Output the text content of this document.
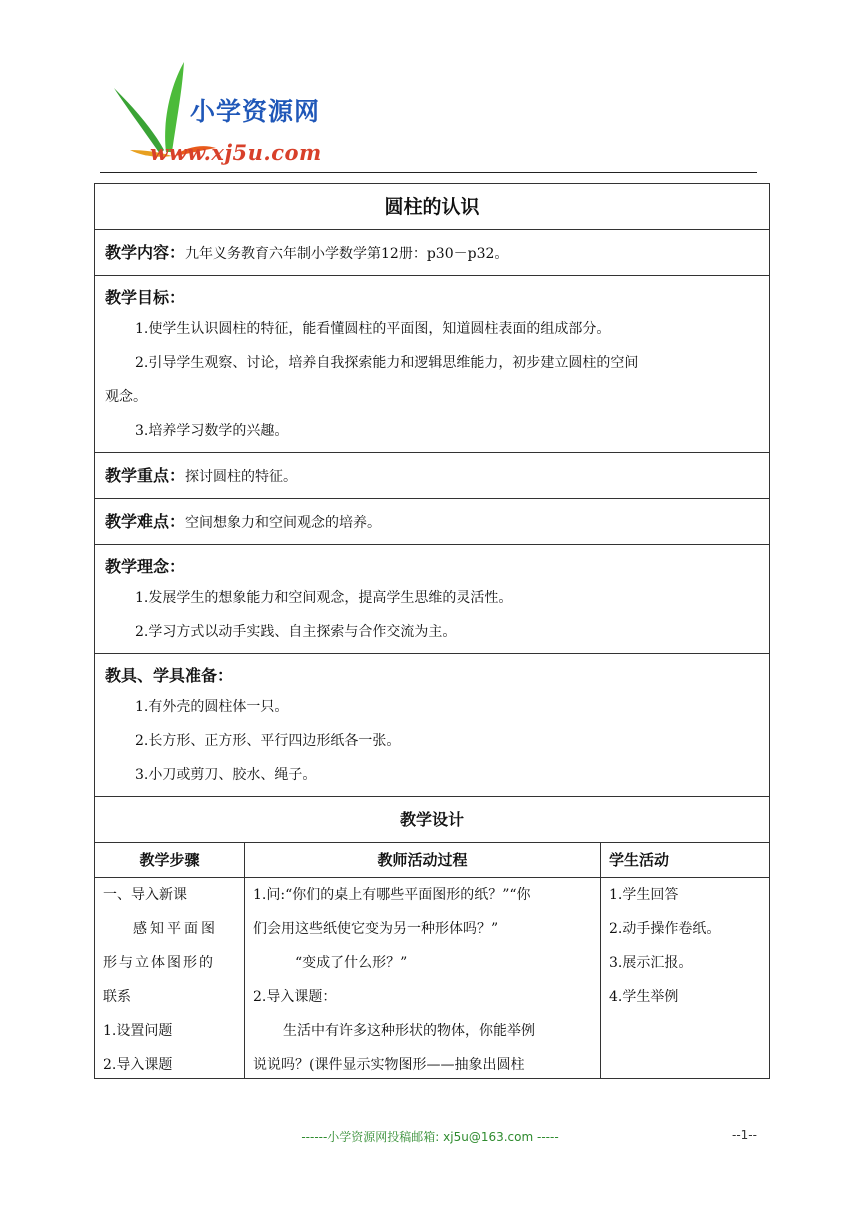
小学资源网
www.xj5u.com
圆柱的认识
教学内容：九年义务教育六年制小学数学第12册：p30－p32。
教学目标：

1.使学生认识圆柱的特征，能看懂圆柱的平面图，知道圆柱表面的组成部分。

2.引导学生观察、讨论，培养自我探索能力和逻辑思维能力，初步建立圆柱的空间

观念。

3.培养学习数学的兴趣。

教学重点：探讨圆柱的特征。
教学难点：空间想象力和空间观念的培养。
教学理念：

1.发展学生的想象能力和空间观念，提高学生思维的灵活性。

2.学习方式以动手实践、自主探索与合作交流为主。

教具、学具准备：

1.有外壳的圆柱体一只。

2.长方形、正方形、平行四边形纸各一张。

3.小刀或剪刀、胶水、绳子。

教学设计
教学步骤
一、导入新课
感知平面图
形与立体图形的
联系
1.设置问题
2.导入课题
教师活动过程
1.问:“你们的桌上有哪些平面图形的纸？”“你
们会用这些纸使它变为另一种形体吗？”
“变成了什么形？”
2.导入课题：
生活中有许多这种形状的物体，你能举例
说说吗？(课件显示实物图形——抽象出圆柱
学生活动
1.学生回答
2.动手操作卷纸。
3.展示汇报。
4.学生举例
------小学资源网投稿邮箱: xj5u@163.com -----	--1--
